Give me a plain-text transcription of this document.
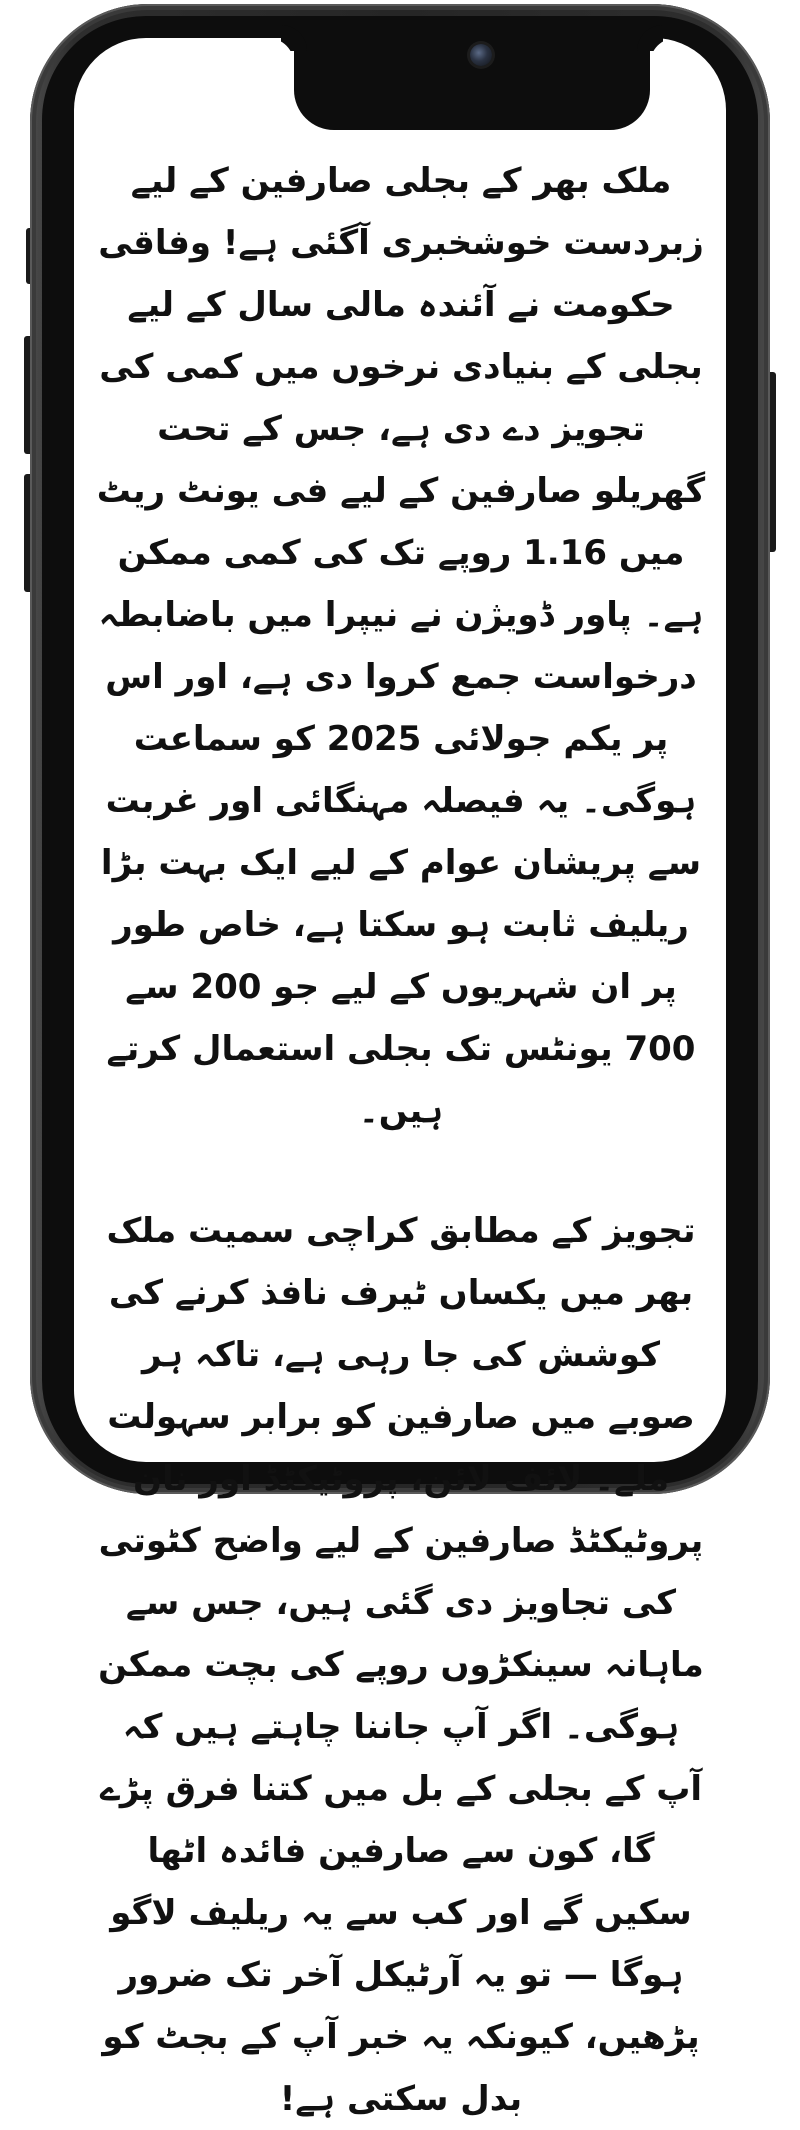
ملک بھر کے بجلی صارفین کے لیے زبردست خوشخبری آگئی ہے! وفاقی حکومت نے آئندہ مالی سال کے لیے بجلی کے بنیادی نرخوں میں کمی کی تجویز دے دی ہے، جس کے تحت گھریلو صارفین کے لیے فی یونٹ ریٹ میں 1.16 روپے تک کی کمی ممکن ہے۔ پاور ڈویژن نے نیپرا میں باضابطہ درخواست جمع کروا دی ہے، اور اس پر یکم جولائی 2025 کو سماعت ہوگی۔ یہ فیصلہ مہنگائی اور غربت سے پریشان عوام کے لیے ایک بہت بڑا ریلیف ثابت ہو سکتا ہے، خاص طور پر ان شہریوں کے لیے جو 200 سے 700 یونٹس تک بجلی استعمال کرتے ہیں۔

تجویز کے مطابق کراچی سمیت ملک بھر میں یکساں ٹیرف نافذ کرنے کی کوشش کی جا رہی ہے، تاکہ ہر صوبے میں صارفین کو برابر سہولت ملے۔ لائف لائن، پروٹیکٹڈ اور نان پروٹیکٹڈ صارفین کے لیے واضح کٹوتی کی تجاویز دی گئی ہیں، جس سے ماہانہ سینکڑوں روپے کی بچت ممکن ہوگی۔ اگر آپ جاننا چاہتے ہیں کہ آپ کے بجلی کے بل میں کتنا فرق پڑے گا، کون سے صارفین فائدہ اٹھا سکیں گے اور کب سے یہ ریلیف لاگو ہوگا — تو یہ آرٹیکل آخر تک ضرور پڑھیں، کیونکہ یہ خبر آپ کے بجٹ کو بدل سکتی ہے!
